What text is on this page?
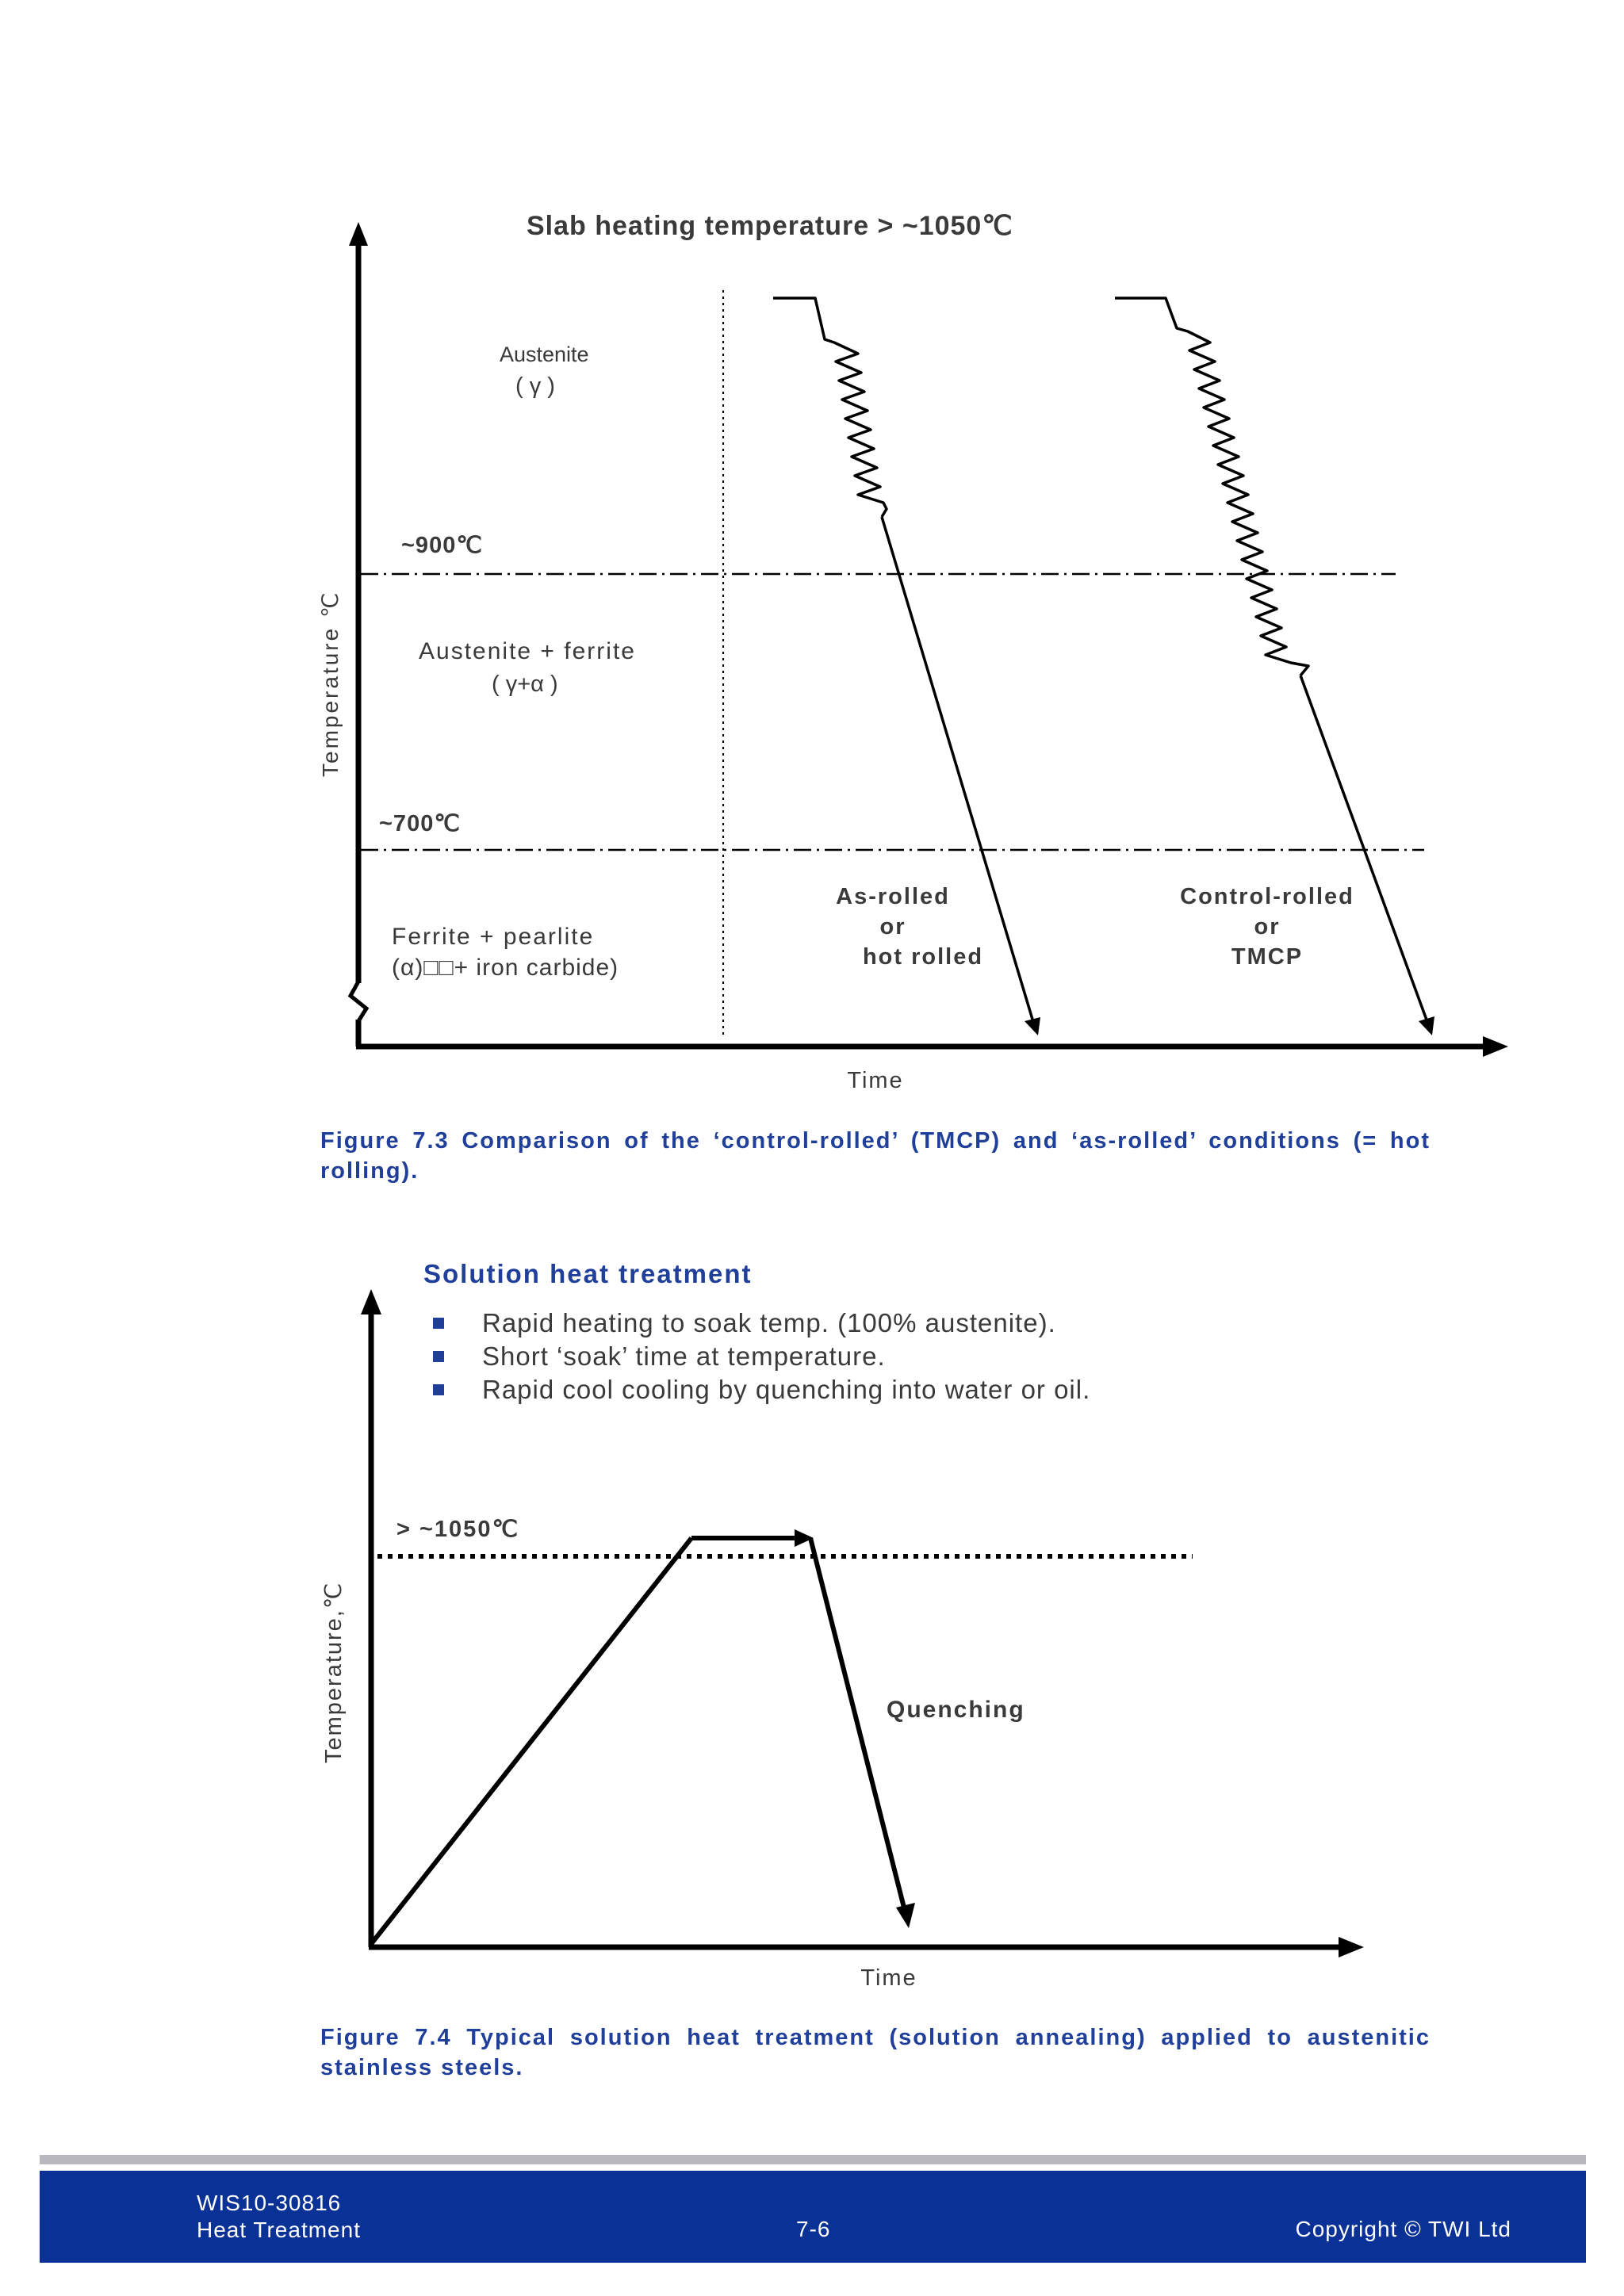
Slab heating temperature > ~1050℃
Austenite
( γ )
~900℃
Austenite + ferrite
( γ+α )
~700℃
Ferrite + pearlite
(α)□□+ iron carbide)
As-rolled
or
hot rolled
Control-rolled
or
TMCP
Temperature ℃
Time

Figure 7.3 Comparison of the ‘control-rolled’ (TMCP) and ‘as-rolled’ conditions (= hot rolling).

> ~1050℃
Quenching
Temperature,℃
Time
Solution heat treatment
Rapid heating to soak temp. (100% austenite).
Short ‘soak’ time at temperature.
Rapid cool cooling by quenching into water or oil.

Figure 7.4 Typical solution heat treatment (solution annealing) applied to austenitic stainless steels.

WIS10-30816
Heat Treatment	7-6	Copyright © TWI Ltd
